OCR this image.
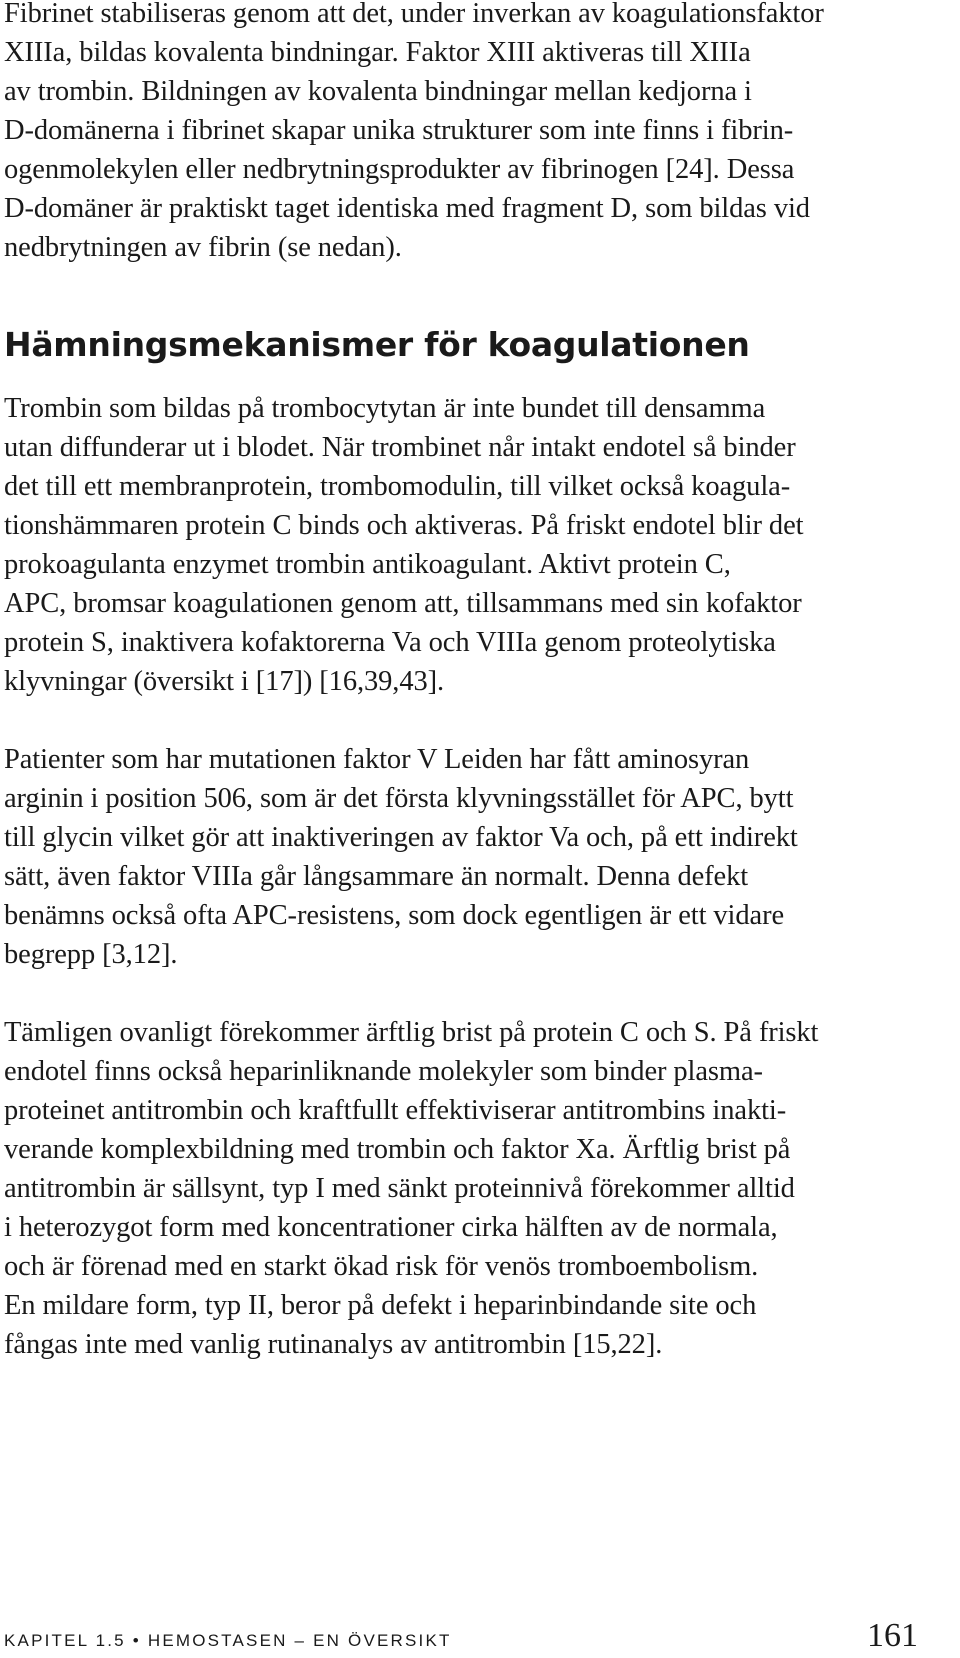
Fibrinet stabiliseras genom att det, under inverkan av koagulationsfaktor
XIIIa, bildas kovalenta bindningar. Faktor XIII aktiveras till XIIIa
av trombin. Bildningen av kovalenta bindningar mellan kedjorna i
D-domänerna i fibrinet skapar unika strukturer som inte finns i fibrin-
ogenmolekylen eller nedbrytningsprodukter av fibrinogen [24]. Dessa
D-domäner är praktiskt taget identiska med fragment D, som bildas vid
nedbrytningen av fibrin (se nedan).
Hämningsmekanismer för koagulationen
Trombin som bildas på trombocytytan är inte bundet till densamma
utan diffunderar ut i blodet. När trombinet når intakt endotel så binder
det till ett membranprotein, trombomodulin, till vilket också koagula-
tionshämmaren protein C binds och aktiveras. På friskt endotel blir det
prokoagulanta enzymet trombin antikoagulant. Aktivt protein C,
APC, bromsar koagulationen genom att, tillsammans med sin kofaktor
protein S, inaktivera kofaktorerna Va och VIIIa genom proteolytiska
klyvningar (översikt i [17]) [16,39,43].
Patienter som har mutationen faktor V Leiden har fått aminosyran
arginin i position 506, som är det första klyvningsstället för APC, bytt
till glycin vilket gör att inaktiveringen av faktor Va och, på ett indirekt
sätt, även faktor VIIIa går långsammare än normalt. Denna defekt
benämns också ofta APC-resistens, som dock egentligen är ett vidare
begrepp [3,12].
Tämligen ovanligt förekommer ärftlig brist på protein C och S. På friskt
endotel finns också heparinliknande molekyler som binder plasma-
proteinet antitrombin och kraftfullt effektiviserar antitrombins inakti-
verande komplexbildning med trombin och faktor Xa. Ärftlig brist på
antitrombin är sällsynt, typ I med sänkt proteinnivå förekommer alltid
i heterozygot form med koncentrationer cirka hälften av de normala,
och är förenad med en starkt ökad risk för venös tromboembolism.
En mildare form, typ II, beror på defekt i heparinbindande site och
fångas inte med vanlig rutinanalys av antitrombin [15,22].
KAPITEL 1.5 • HEMOSTASEN – EN ÖVERSIKT	161
